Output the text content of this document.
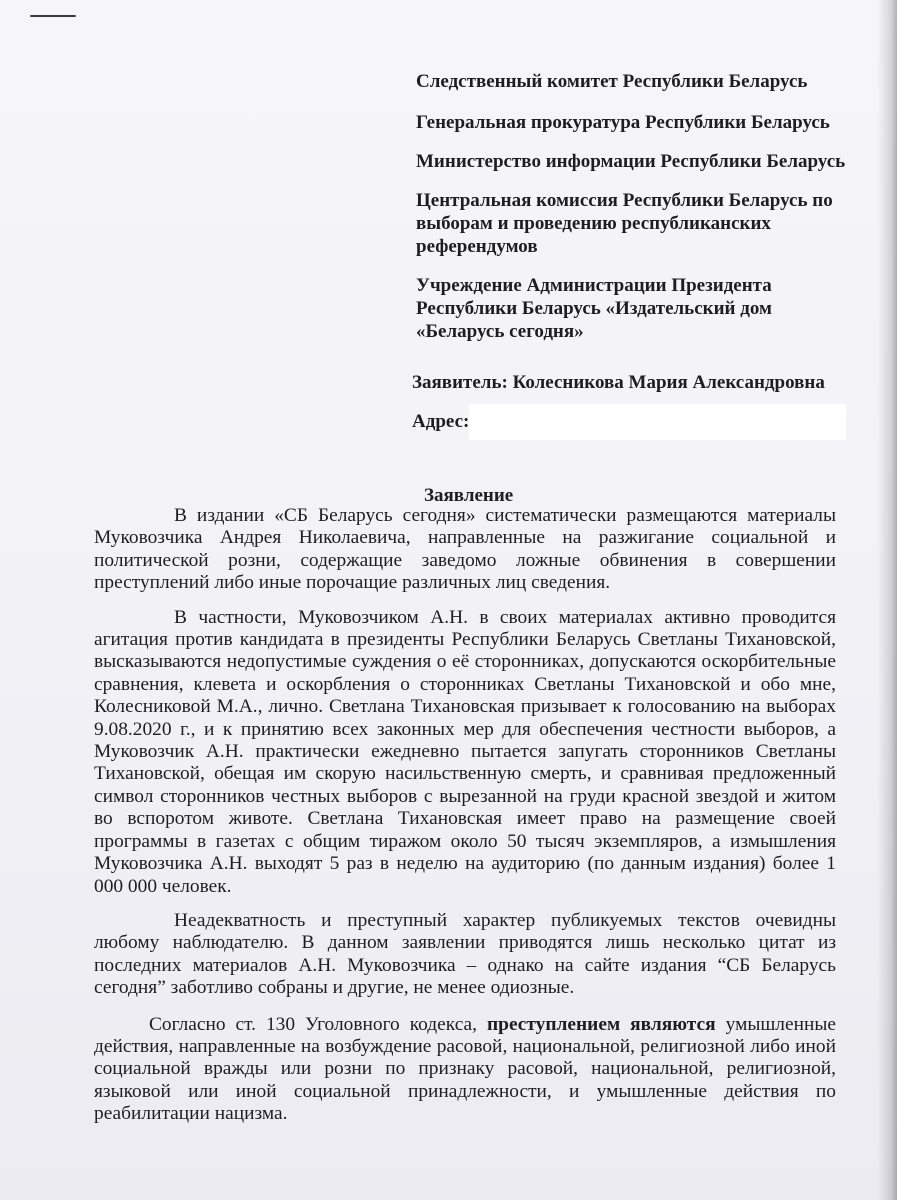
Следственный комитет Республики Беларусь
Генеральная прокуратура Республики Беларусь
Министерство информации Республики Беларусь
Центральная комиссия Республики Беларусь по выборам и проведению республиканских референдумов
Учреждение Администрации Президента Республики Беларусь «Издательский дом «Беларусь сегодня»
Заявитель: Колесникова Мария Александровна
Адрес:
Заявление

В издании «СБ Беларусь сегодня» систематически размещаются материалы Муковозчика Андрея Николаевича, направленные на разжигание социальной и политической розни, содержащие заведомо ложные обвинения в совершении преступлений либо иные порочащие различных лиц сведения.

В частности, Муковозчиком А.Н. в своих материалах активно проводится агитация против кандидата в президенты Республики Беларусь Светланы Тихановской, высказываются недопустимые суждения о её сторонниках, допускаются оскорбительные сравнения, клевета и оскорбления о сторонниках Светланы Тихановской и обо мне, Колесниковой М.А., лично. Светлана Тихановская призывает к голосованию на выборах 9.08.2020 г., и к принятию всех законных мер для обеспечения честности выборов, а Муковозчик А.Н. практически ежедневно пытается запугать сторонников Светланы Тихановской, обещая им скорую насильственную смерть, и сравнивая предложенный символ сторонников честных выборов с вырезанной на груди красной звездой и житом во вспоротом животе. Светлана Тихановская имеет право на размещение своей программы в газетах с общим тиражом около 50 тысяч экземпляров, а измышления Муковозчика А.Н. выходят 5 раз в неделю на аудиторию (по данным издания) более 1 000 000 человек.

Неадекватность и преступный характер публикуемых текстов очевидны любому наблюдателю. В данном заявлении приводятся лишь несколько цитат из последних материалов А.Н. Муковозчика – однако на сайте издания “СБ Беларусь сегодня” заботливо собраны и другие, не менее одиозные.

Согласно ст. 130 Уголовного кодекса, преступлением являются умышленные действия, направленные на возбуждение расовой, национальной, религиозной либо иной социальной вражды или розни по признаку расовой, национальной, религиозной, языковой или иной социальной принадлежности, и умышленные действия по реабилитации нацизма.
